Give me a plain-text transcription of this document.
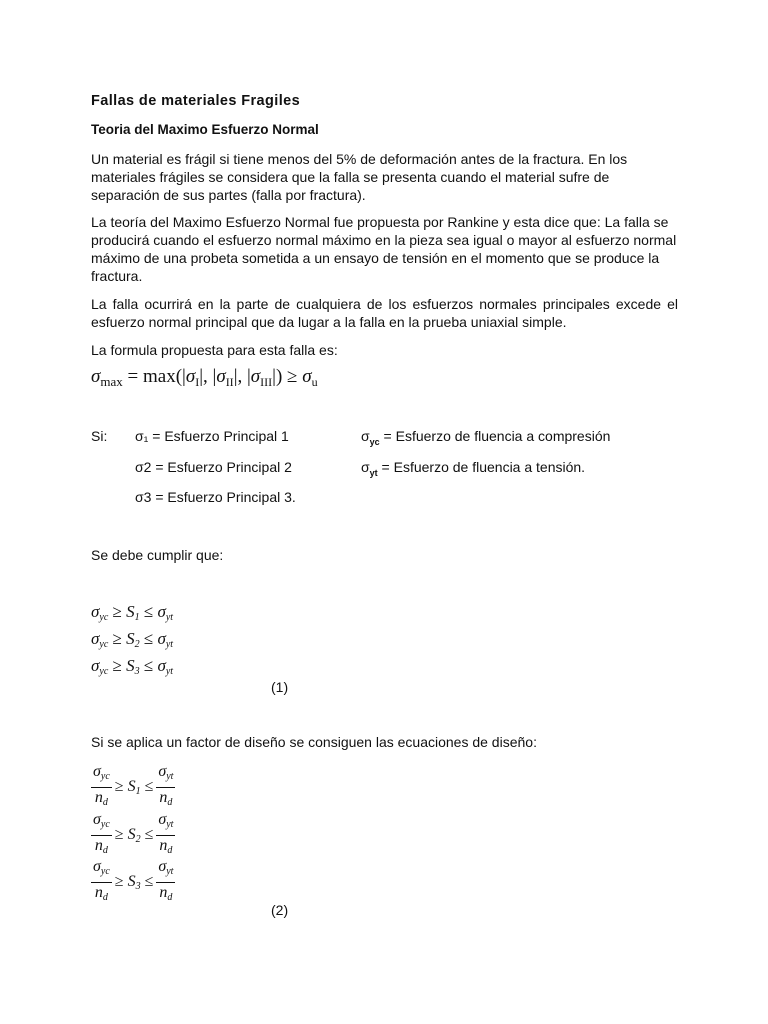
Fallas de materiales Fragiles
Teoria del Maximo Esfuerzo Normal
Un material es frágil si tiene menos del 5% de deformación antes de la fractura. En los materiales frágiles se considera que la falla se presenta cuando el material sufre de separación de sus partes (falla por fractura).
La teoría del Maximo Esfuerzo Normal fue propuesta por Rankine y esta dice que: La falla se producirá cuando el esfuerzo normal máximo en la pieza sea igual o mayor al esfuerzo normal máximo de una probeta sometida a un ensayo de tensión en el momento que se produce la fractura.
La falla ocurrirá en la parte de cualquiera de los esfuerzos normales principales excede el esfuerzo normal principal que da lugar a la falla en la prueba uniaxial simple.
La formula propuesta para esta falla es:
$\sigma_{max} = \max(|\sigma_I|$, $|\sigma_{II}|$, $|\sigma_{III}|) \ge \sigma_u$
Si: σ₁ = Esfuerzo Principal 1
σ2 = Esfuerzo Principal 2
σ3 = Esfuerzo Principal 3.
$\sigma_{yc}$ = Esfuerzo de fluencia a compresión
$\sigma_{yt}$ = Esfuerzo de fluencia a tensión.
Se debe cumplir que:
$\sigma_{yc} \ge S_1 \le \sigma_{yt}$
$\sigma_{yc} \ge S_2 \le \sigma_{yt}$
$\sigma_{yc} \ge S_3 \le \sigma_{yt}$
(1)
Si se aplica un factor de diseño se consiguen las ecuaciones de diseño:
$\frac{\sigma_{yc}}{n_d} \ge S_1 \le \frac{\sigma_{yt}}{n_d}$
$\frac{\sigma_{yc}}{n_d} \ge S_2 \le \frac{\sigma_{yt}}{n_d}$
$\frac{\sigma_{yc}}{n_d} \ge S_3 \le \frac{\sigma_{yt}}{n_d}$
(2)
